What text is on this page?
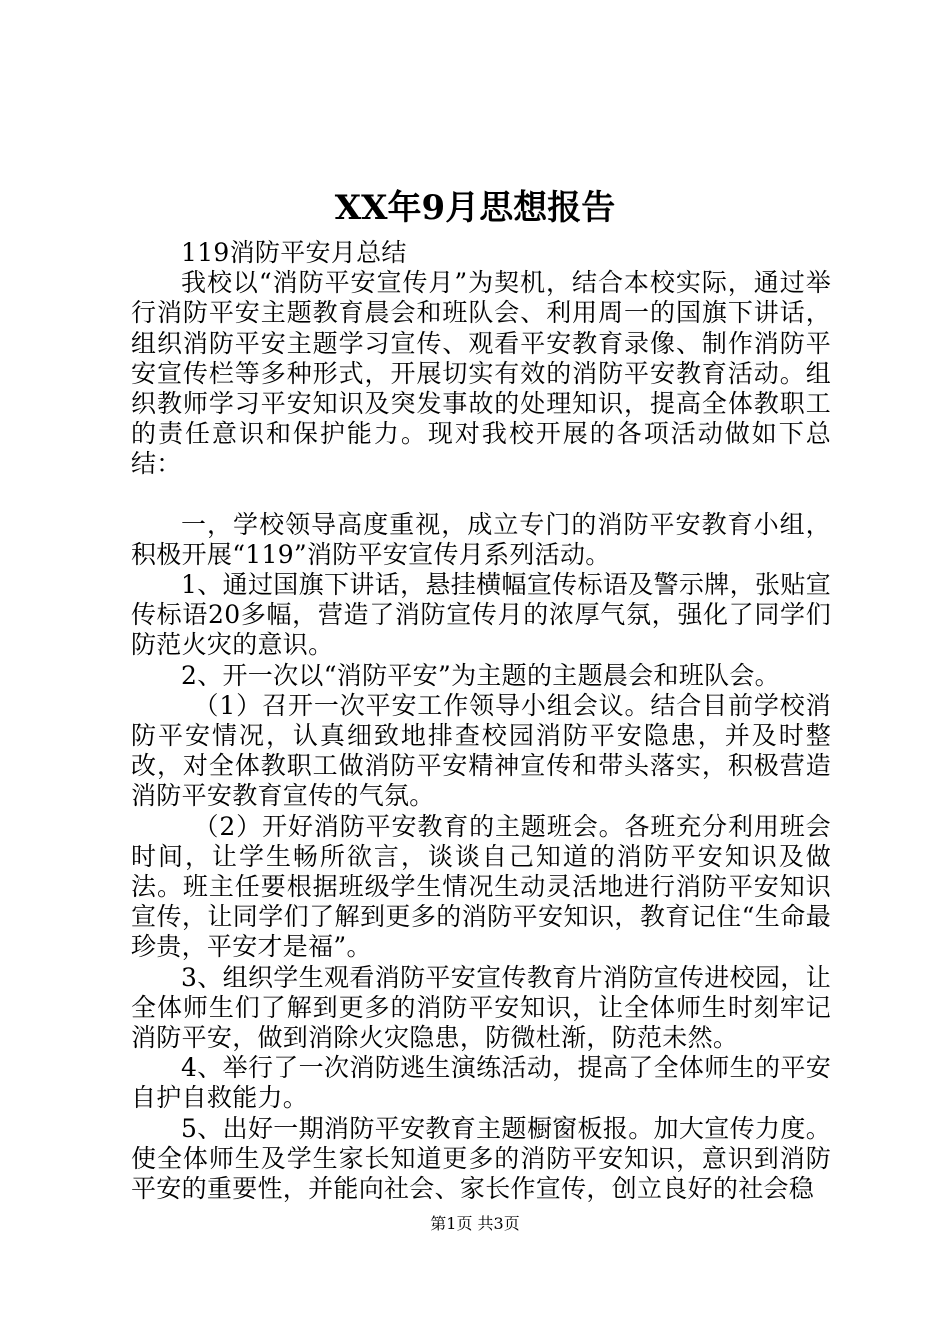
XX年9月思想报告

119消防平安月总结

我校以“消防平安宣传月”为契机，结合本校实际，通过举行消防平安主题教育晨会和班队会、利用周一的国旗下讲话，组织消防平安主题学习宣传、观看平安教育录像、制作消防平安宣传栏等多种形式，开展切实有效的消防平安教育活动。组织教师学习平安知识及突发事故的处理知识，提高全体教职工的责任意识和保护能力。现对我校开展的各项活动做如下总结：

一，学校领导高度重视，成立专门的消防平安教育小组，积极开展“119”消防平安宣传月系列活动。

1、通过国旗下讲话，悬挂横幅宣传标语及警示牌，张贴宣传标语20多幅，营造了消防宣传月的浓厚气氛，强化了同学们防范火灾的意识。

2、开一次以“消防平安”为主题的主题晨会和班队会。

（1）召开一次平安工作领导小组会议。结合目前学校消防平安情况，认真细致地排查校园消防平安隐患，并及时整改，对全体教职工做消防平安精神宣传和带头落实，积极营造消防平安教育宣传的气氛。

（2）开好消防平安教育的主题班会。各班充分利用班会时间，让学生畅所欲言，谈谈自己知道的消防平安知识及做法。班主任要根据班级学生情况生动灵活地进行消防平安知识宣传，让同学们了解到更多的消防平安知识，教育记住“生命最珍贵，平安才是福”。

3、组织学生观看消防平安宣传教育片消防宣传进校园，让全体师生们了解到更多的消防平安知识，让全体师生时刻牢记消防平安，做到消除火灾隐患，防微杜渐，防范未然。

4、举行了一次消防逃生演练活动，提高了全体师生的平安自护自救能力。

5、出好一期消防平安教育主题橱窗板报。加大宣传力度。使全体师生及学生家长知道更多的消防平安知识，意识到消防平安的重要性，并能向社会、家长作宣传，创立良好的社会稳

第1页 共3页
